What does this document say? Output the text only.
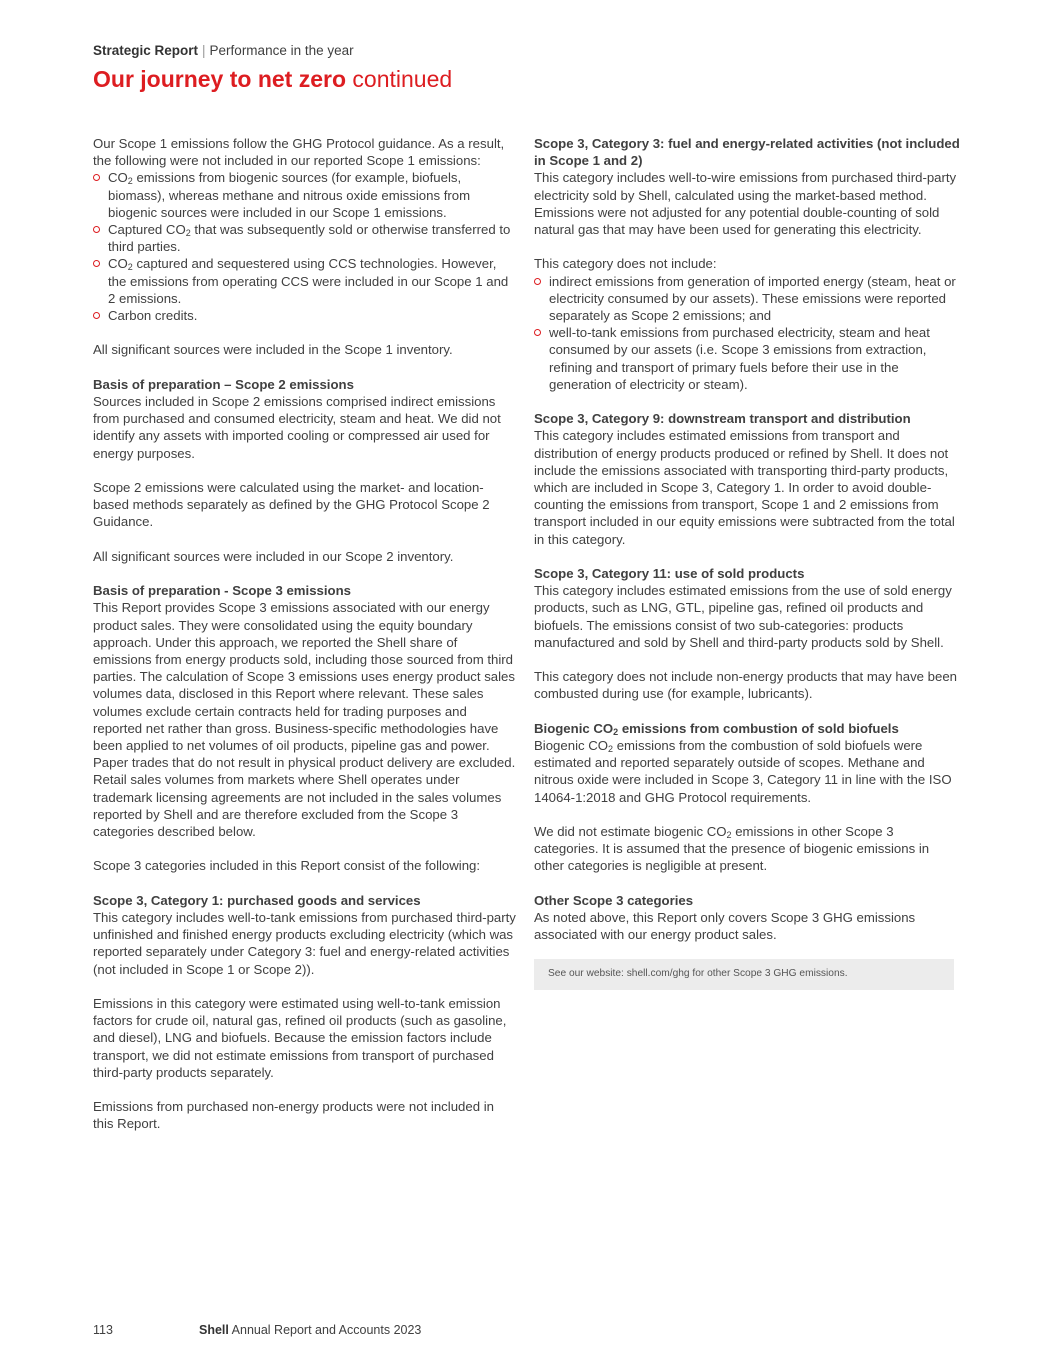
Strategic Report | Performance in the year
Our journey to net zero continued

Our Scope 1 emissions follow the GHG Protocol guidance. As a result, the following were not included in our reported Scope 1 emissions:

$CO_2$ emissions from biogenic sources (for example, biofuels, biomass), whereas methane and nitrous oxide emissions from biogenic sources were included in our Scope 1 emissions.
Captured $CO_2$ that was subsequently sold or otherwise transferred to third parties.
$CO_2$ captured and sequestered using CCS technologies. However, the emissions from operating CCS were included in our Scope 1 and 2 emissions.
Carbon credits.

All significant sources were included in the Scope 1 inventory.

Basis of preparation – Scope 2 emissions

Sources included in Scope 2 emissions comprised indirect emissions from purchased and consumed electricity, steam and heat. We did not identify any assets with imported cooling or compressed air used for energy purposes.

Scope 2 emissions were calculated using the market- and location-based methods separately as defined by the GHG Protocol Scope 2 Guidance.

All significant sources were included in our Scope 2 inventory.

Basis of preparation - Scope 3 emissions

This Report provides Scope 3 emissions associated with our energy product sales. They were consolidated using the equity boundary approach. Under this approach, we reported the Shell share of emissions from energy products sold, including those sourced from third parties. The calculation of Scope 3 emissions uses energy product sales volumes data, disclosed in this Report where relevant. These sales volumes exclude certain contracts held for trading purposes and reported net rather than gross. Business-specific methodologies have been applied to net volumes of oil products, pipeline gas and power. Paper trades that do not result in physical product delivery are excluded. Retail sales volumes from markets where Shell operates under trademark licensing agreements are not included in the sales volumes reported by Shell and are therefore excluded from the Scope 3 categories described below.

Scope 3 categories included in this Report consist of the following:

Scope 3, Category 1: purchased goods and services

This category includes well-to-tank emissions from purchased third-party unfinished and finished energy products excluding electricity (which was reported separately under Category 3: fuel and energy-related activities (not included in Scope 1 or Scope 2)).

Emissions in this category were estimated using well-to-tank emission factors for crude oil, natural gas, refined oil products (such as gasoline, and diesel), LNG and biofuels. Because the emission factors include transport, we did not estimate emissions from transport of purchased third-party products separately.

Emissions from purchased non-energy products were not included in this Report.

Scope 3, Category 3: fuel and energy-related activities (not included in Scope 1 and 2)

This category includes well-to-wire emissions from purchased third-party electricity sold by Shell, calculated using the market-based method. Emissions were not adjusted for any potential double-counting of sold natural gas that may have been used for generating this electricity.

This category does not include:

indirect emissions from generation of imported energy (steam, heat or electricity consumed by our assets). These emissions were reported separately as Scope 2 emissions; and
well-to-tank emissions from purchased electricity, steam and heat consumed by our assets (i.e. Scope 3 emissions from extraction, refining and transport of primary fuels before their use in the generation of electricity or steam).

Scope 3, Category 9: downstream transport and distribution

This category includes estimated emissions from transport and distribution of energy products produced or refined by Shell. It does not include the emissions associated with transporting third-party products, which are included in Scope 3, Category 1. In order to avoid double-counting the emissions from transport, Scope 1 and 2 emissions from transport included in our equity emissions were subtracted from the total in this category.

Scope 3, Category 11: use of sold products

This category includes estimated emissions from the use of sold energy products, such as LNG, GTL, pipeline gas, refined oil products and biofuels. The emissions consist of two sub-categories: products manufactured and sold by Shell and third-party products sold by Shell.

This category does not include non-energy products that may have been combusted during use (for example, lubricants).

Biogenic $CO_2$ emissions from combustion of sold biofuels

Biogenic $CO_2$ emissions from the combustion of sold biofuels were estimated and reported separately outside of scopes. Methane and nitrous oxide were included in Scope 3, Category 11 in line with the ISO 14064-1:2018 and GHG Protocol requirements.

We did not estimate biogenic $CO_2$ emissions in other Scope 3 categories. It is assumed that the presence of biogenic emissions in other categories is negligible at present.

Other Scope 3 categories

As noted above, this Report only covers Scope 3 GHG emissions associated with our energy product sales.

See our website: shell.com/ghg for other Scope 3 GHG emissions.
113	Shell Annual Report and Accounts 2023
